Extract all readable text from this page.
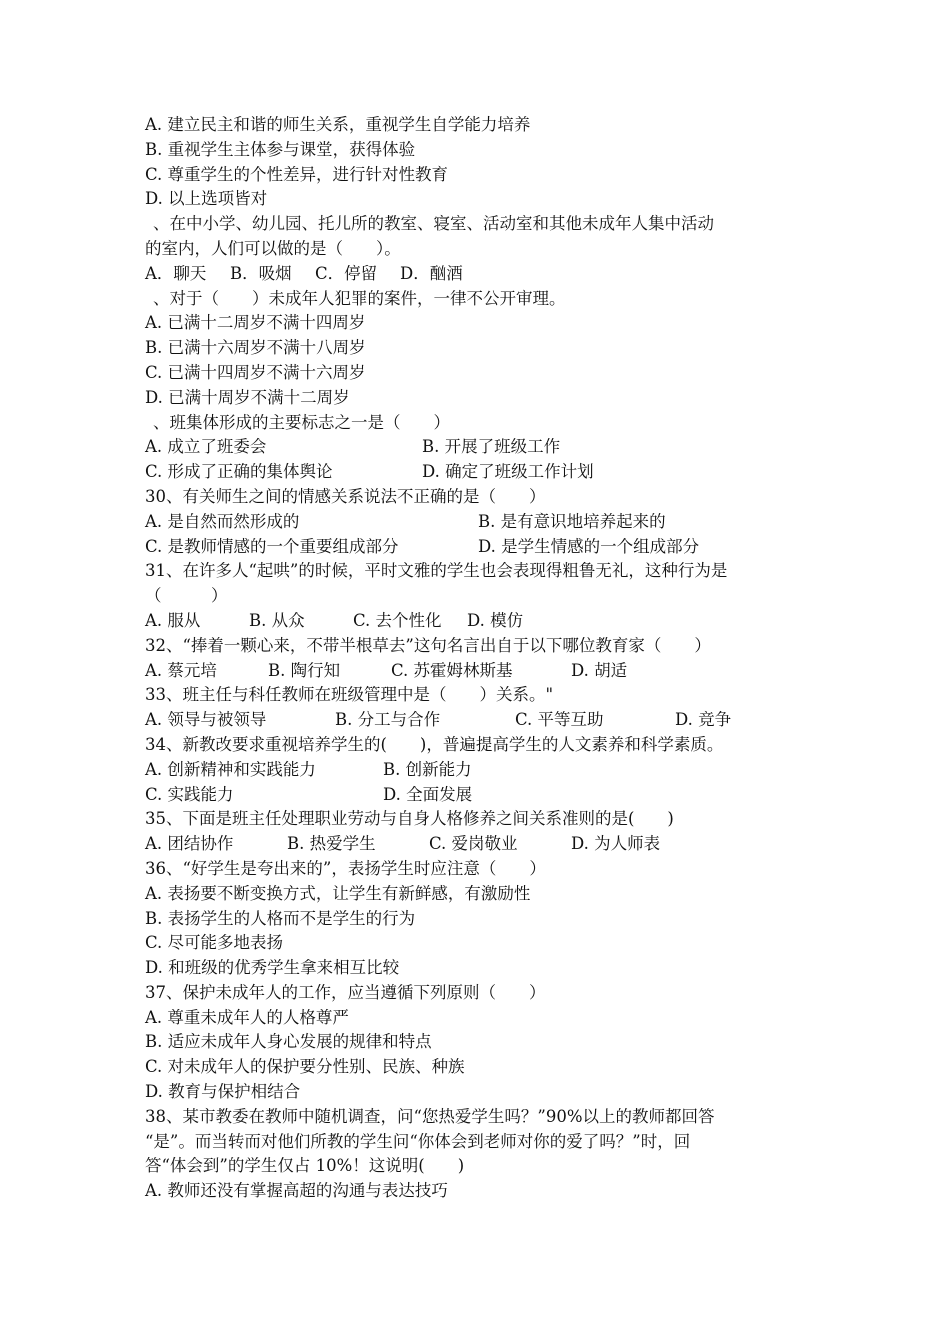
A. 建立民主和谐的师生关系，重视学生自学能力培养
B. 重视学生主体参与课堂，获得体验
C. 尊重学生的个性差异，进行针对性教育
D. 以上选项皆对
、在中小学、幼儿园、托儿所的教室、寝室、活动室和其他未成年人集中活动
的室内，人们可以做的是（　　）。
A．聊天	B．吸烟	C．停留	D．酗酒
、对于（　　）未成年人犯罪的案件，一律不公开审理。
A. 已满十二周岁不满十四周岁
B. 已满十六周岁不满十八周岁
C. 已满十四周岁不满十六周岁
D. 已满十周岁不满十二周岁
、班集体形成的主要标志之一是（　　）
A. 成立了班委会	B. 开展了班级工作
C. 形成了正确的集体舆论	D. 确定了班级工作计划
30、有关师生之间的情感关系说法不正确的是（　　）
A. 是自然而然形成的	B. 是有意识地培养起来的
C. 是教师情感的一个重要组成部分	D. 是学生情感的一个组成部分
31、在许多人“起哄”的时候，平时文雅的学生也会表现得粗鲁无礼，这种行为是
（　　　）
A. 服从	B. 从众	C. 去个性化	D. 模仿
32、“捧着一颗心来，不带半根草去”这句名言出自于以下哪位教育家（　　）
A. 蔡元培	B. 陶行知	C. 苏霍姆林斯基	D. 胡适
33、班主任与科任教师在班级管理中是（　　）关系。"
A. 领导与被领导	B. 分工与合作	C. 平等互助	D. 竞争
34、新教改要求重视培养学生的(　　)，普遍提高学生的人文素养和科学素质。
A. 创新精神和实践能力	B. 创新能力
C. 实践能力	D. 全面发展
35、下面是班主任处理职业劳动与自身人格修养之间关系准则的是(　　)
A. 团结协作	B. 热爱学生	C. 爱岗敬业	D. 为人师表
36、“好学生是夸出来的”，表扬学生时应注意（　　）
A. 表扬要不断变换方式，让学生有新鲜感，有激励性
B. 表扬学生的人格而不是学生的行为
C. 尽可能多地表扬
D. 和班级的优秀学生拿来相互比较
37、保护未成年人的工作，应当遵循下列原则（　　）
A. 尊重未成年人的人格尊严
B. 适应未成年人身心发展的规律和特点
C. 对未成年人的保护要分性别、民族、种族
D. 教育与保护相结合
38、某市教委在教师中随机调查，问“您热爱学生吗？”90%以上的教师都回答
“是”。而当转而对他们所教的学生问“你体会到老师对你的爱了吗？”时，回
答“体会到”的学生仅占 10%！这说明(　　)
A. 教师还没有掌握高超的沟通与表达技巧
